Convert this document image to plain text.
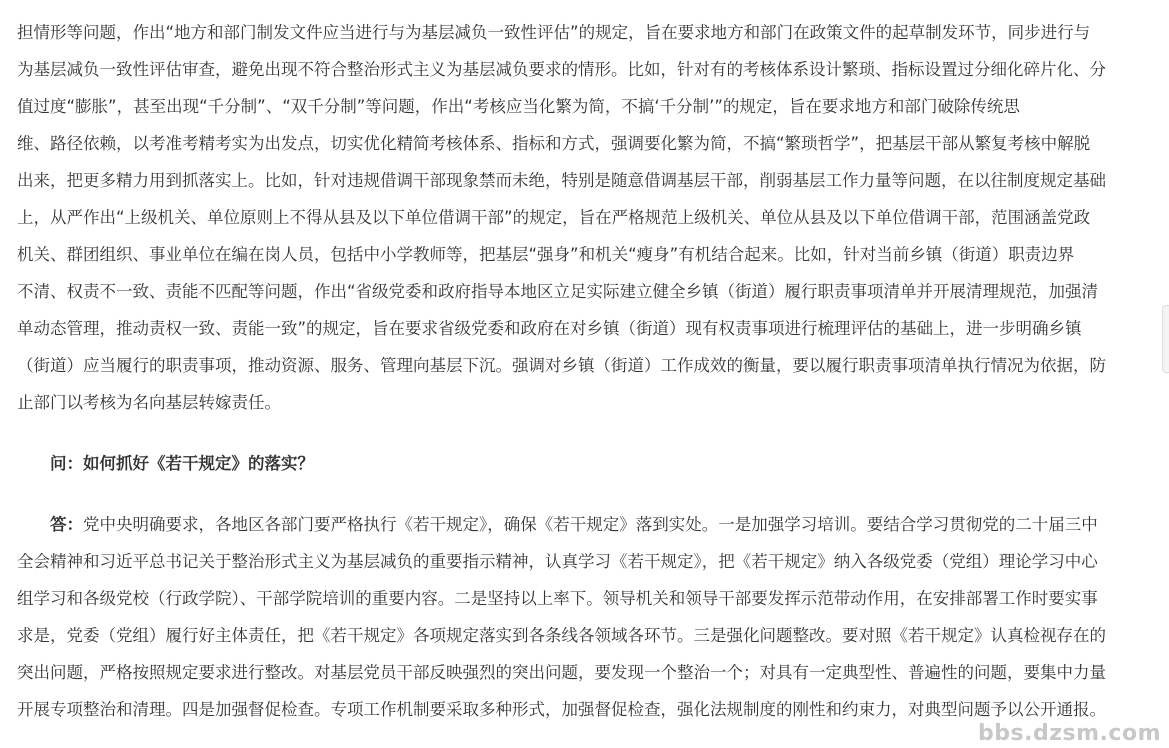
担情形等问题，作出“地方和部门制发文件应当进行与为基层减负一致性评估”的规定，旨在要求地方和部门在政策文件的起草制发环节，同步进行与
为基层减负一致性评估审查，避免出现不符合整治形式主义为基层减负要求的情形。比如，针对有的考核体系设计繁琐、指标设置过分细化碎片化、分
值过度“膨胀”，甚至出现“千分制”、“双千分制”等问题，作出“考核应当化繁为简，不搞‘千分制’”的规定，旨在要求地方和部门破除传统思
维、路径依赖，以考准考精考实为出发点，切实优化精简考核体系、指标和方式，强调要化繁为简，不搞“繁琐哲学”，把基层干部从繁复考核中解脱
出来，把更多精力用到抓落实上。比如，针对违规借调干部现象禁而未绝，特别是随意借调基层干部，削弱基层工作力量等问题，在以往制度规定基础
上，从严作出“上级机关、单位原则上不得从县及以下单位借调干部”的规定，旨在严格规范上级机关、单位从县及以下单位借调干部，范围涵盖党政
机关、群团组织、事业单位在编在岗人员，包括中小学教师等，把基层“强身”和机关“瘦身”有机结合起来。比如，针对当前乡镇（街道）职责边界
不清、权责不一致、责能不匹配等问题，作出“省级党委和政府指导本地区立足实际建立健全乡镇（街道）履行职责事项清单并开展清理规范，加强清
单动态管理，推动责权一致、责能一致”的规定，旨在要求省级党委和政府在对乡镇（街道）现有权责事项进行梳理评估的基础上，进一步明确乡镇
（街道）应当履行的职责事项，推动资源、服务、管理向基层下沉。强调对乡镇（街道）工作成效的衡量，要以履行职责事项清单执行情况为依据，防
止部门以考核为名向基层转嫁责任。
问：如何抓好《若干规定》的落实？
答：党中央明确要求，各地区各部门要严格执行《若干规定》，确保《若干规定》落到实处。一是加强学习培训。要结合学习贯彻党的二十届三中
全会精神和习近平总书记关于整治形式主义为基层减负的重要指示精神，认真学习《若干规定》，把《若干规定》纳入各级党委（党组）理论学习中心
组学习和各级党校（行政学院）、干部学院培训的重要内容。二是坚持以上率下。领导机关和领导干部要发挥示范带动作用，在安排部署工作时要实事
求是，党委（党组）履行好主体责任，把《若干规定》各项规定落实到各条线各领域各环节。三是强化问题整改。要对照《若干规定》认真检视存在的
突出问题，严格按照规定要求进行整改。对基层党员干部反映强烈的突出问题，要发现一个整治一个；对具有一定典型性、普遍性的问题，要集中力量
开展专项整治和清理。四是加强督促检查。专项工作机制要采取多种形式，加强督促检查，强化法规制度的刚性和约束力，对典型问题予以公开通报。
bbs.dzsm.com
